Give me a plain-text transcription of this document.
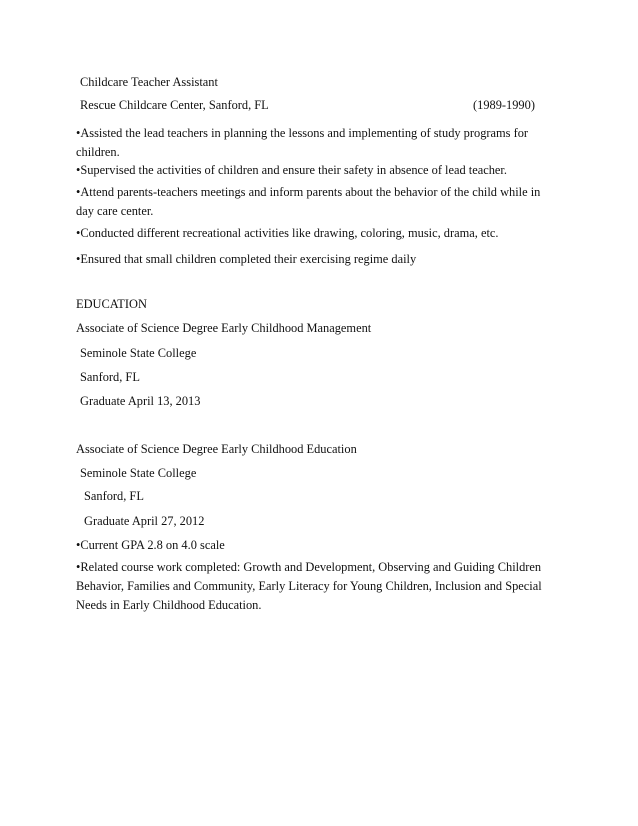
Childcare Teacher Assistant
Rescue Childcare Center, Sanford, FL	(1989-1990)
•Assisted the lead teachers in planning the lessons and implementing of study programs for children.
•Supervised the activities of children and ensure their safety in absence of lead teacher.
•Attend parents-teachers meetings and inform parents about the behavior of the child while in day care center.
•Conducted different recreational activities like drawing, coloring, music, drama, etc.
•Ensured that small children completed their exercising regime daily
EDUCATION
Associate of Science Degree Early Childhood Management
Seminole State College
Sanford, FL
Graduate April 13, 2013
Associate of Science Degree Early Childhood Education
Seminole State College
Sanford, FL
Graduate April 27, 2012
•Current GPA 2.8 on 4.0 scale
•Related course work completed: Growth and Development, Observing and Guiding Children Behavior, Families and Community, Early Literacy for Young Children, Inclusion and Special Needs in Early Childhood Education.
